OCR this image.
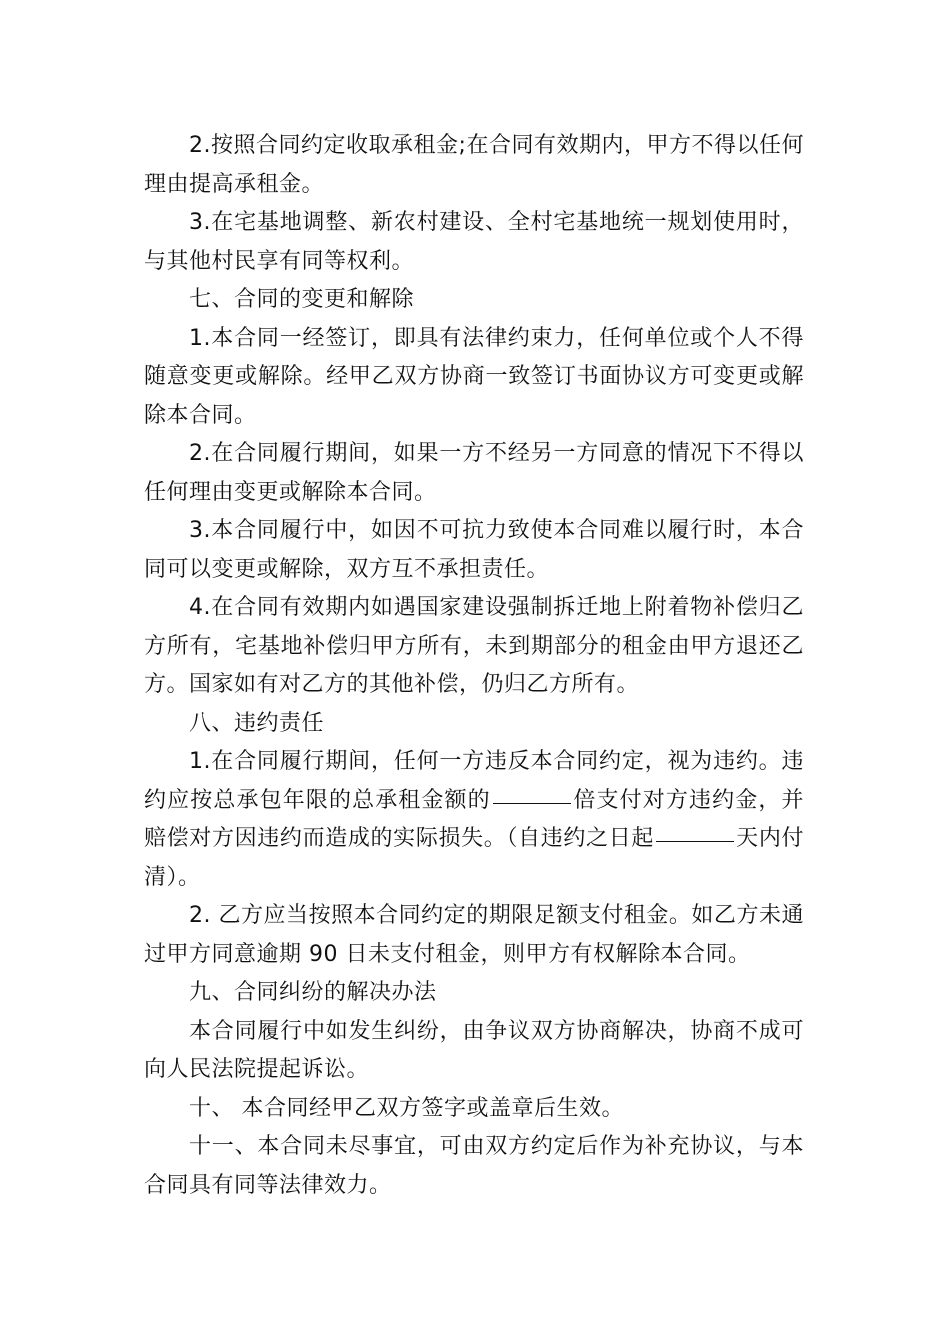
2.按照合同约定收取承租金;在合同有效期内，甲方不得以任何理由提高承租金。

3.在宅基地调整、新农村建设、全村宅基地统一规划使用时，与其他村民享有同等权利。

七、合同的变更和解除

1.本合同一经签订，即具有法律约束力，任何单位或个人不得随意变更或解除。经甲乙双方协商一致签订书面协议方可变更或解除本合同。

2.在合同履行期间，如果一方不经另一方同意的情况下不得以任何理由变更或解除本合同。

3.本合同履行中，如因不可抗力致使本合同难以履行时，本合同可以变更或解除，双方互不承担责任。

4.在合同有效期内如遇国家建设强制拆迁地上附着物补偿归乙方所有，宅基地补偿归甲方所有，未到期部分的租金由甲方退还乙方。国家如有对乙方的其他补偿，仍归乙方所有。

八、违约责任

1.在合同履行期间，任何一方违反本合同约定，视为违约。违约应按总承包年限的总承租金额的	倍支付对方违约金，并赔偿对方因违约而造成的实际损失。（自违约之日起	天内付清）。

2. 乙方应当按照本合同约定的期限足额支付租金。如乙方未通过甲方同意逾期 90 日未支付租金，则甲方有权解除本合同。

九、合同纠纷的解决办法

本合同履行中如发生纠纷，由争议双方协商解决，协商不成可向人民法院提起诉讼。

十、 本合同经甲乙双方签字或盖章后生效。

十一、本合同未尽事宜，可由双方约定后作为补充协议，与本合同具有同等法律效力。
